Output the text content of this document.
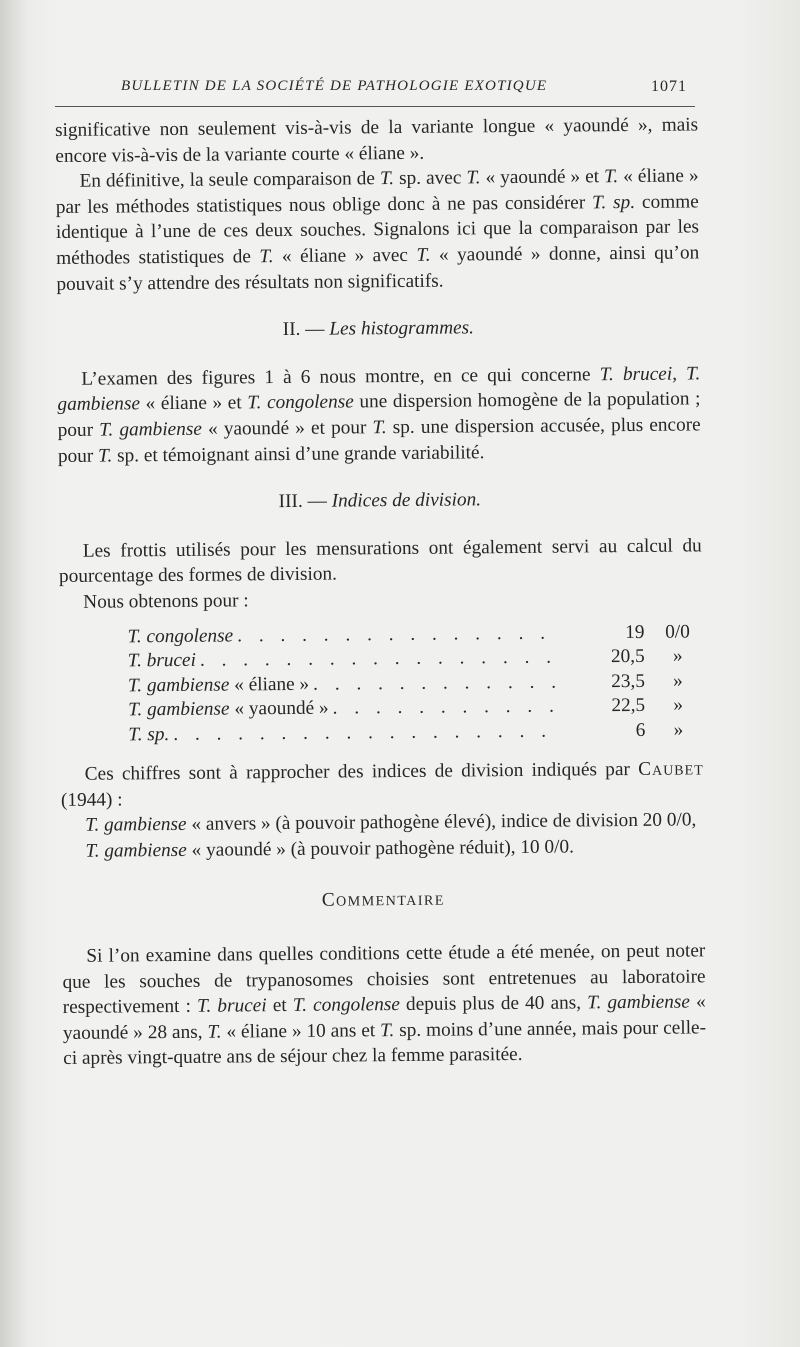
BULLETIN DE LA SOCIÉTÉ DE PATHOLOGIE EXOTIQUE	1071

significative non seulement vis-à-vis de la variante longue « yaoundé », mais encore vis-à-vis de la variante courte « éliane ».

En définitive, la seule comparaison de T. sp. avec T. « yaoundé » et T. « éliane » par les méthodes statistiques nous oblige donc à ne pas considérer T. sp. comme identique à l’une de ces deux souches. Signalons ici que la comparaison par les méthodes statistiques de T. « éliane » avec T. « yaoundé » donne, ainsi qu’on pouvait s’y attendre des résultats non significatifs.

II. — Les histogrammes.

L’examen des figures 1 à 6 nous montre, en ce qui concerne T. brucei, T. gambiense « éliane » et T. congolense une dispersion homogène de la population ; pour T. gambiense « yaoundé » et pour T. sp. une dispersion accusée, plus encore pour T. sp. et témoignant ainsi d’une grande variabilité.

III. — Indices de division.

Les frottis utilisés pour les mensurations ont également servi au calcul du pourcentage des formes de division.

Nous obtenons pour :

T. congolense . . .	19	0/0
T. brucei . . .	20,5	»
T. gambiense « éliane » . . .	23,5	»
T. gambiense « yaoundé » . . .	22,5	»
T. sp. . . .	6	»

Ces chiffres sont à rapprocher des indices de division indiqués par Caubet (1944) :

T. gambiense « anvers » (à pouvoir pathogène élevé), indice de division 20 0/0,

T. gambiense « yaoundé » (à pouvoir pathogène réduit), 10 0/0.

Commentaire

Si l’on examine dans quelles conditions cette étude a été menée, on peut noter que les souches de trypanosomes choisies sont entretenues au laboratoire respectivement : T. brucei et T. congolense depuis plus de 40 ans, T. gambiense « yaoundé » 28 ans, T. « éliane » 10 ans et T. sp. moins d’une année, mais pour celle-ci après vingt-quatre ans de séjour chez la femme parasitée.
